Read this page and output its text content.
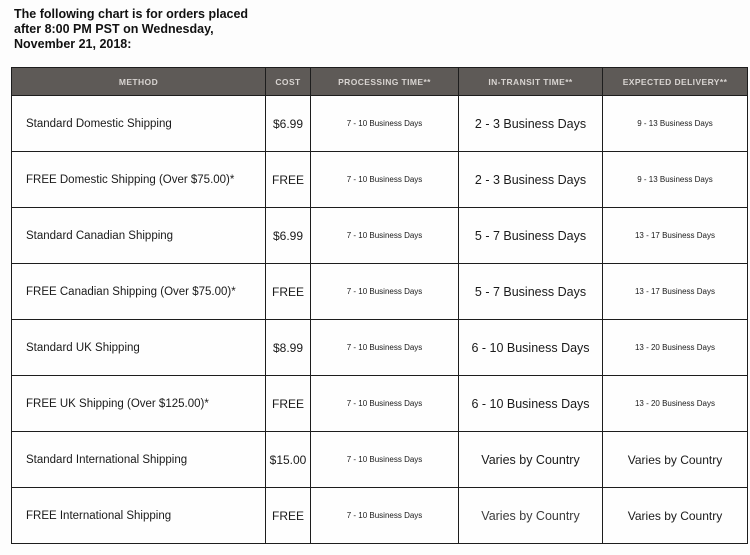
The following chart is for orders placed
after 8:00 PM PST on Wednesday,
November 21, 2018:
METHOD	COST	PROCESSING TIME**	IN-TRANSIT TIME**	EXPECTED DELIVERY**
Standard Domestic Shipping	$6.99	7 - 10 Business Days	2 - 3 Business Days	9 - 13 Business Days
FREE Domestic Shipping (Over $75.00)*	FREE	7 - 10 Business Days	2 - 3 Business Days	9 - 13 Business Days
Standard Canadian Shipping	$6.99	7 - 10 Business Days	5 - 7 Business Days	13 - 17 Business Days
FREE Canadian Shipping (Over $75.00)*	FREE	7 - 10 Business Days	5 - 7 Business Days	13 - 17 Business Days
Standard UK Shipping	$8.99	7 - 10 Business Days	6 - 10 Business Days	13 - 20 Business Days
FREE UK Shipping (Over $125.00)*	FREE	7 - 10 Business Days	6 - 10 Business Days	13 - 20 Business Days
Standard International Shipping	$15.00	7 - 10 Business Days	Varies by Country	Varies by Country
FREE International Shipping	FREE	7 - 10 Business Days	Varies by Country	Varies by Country
